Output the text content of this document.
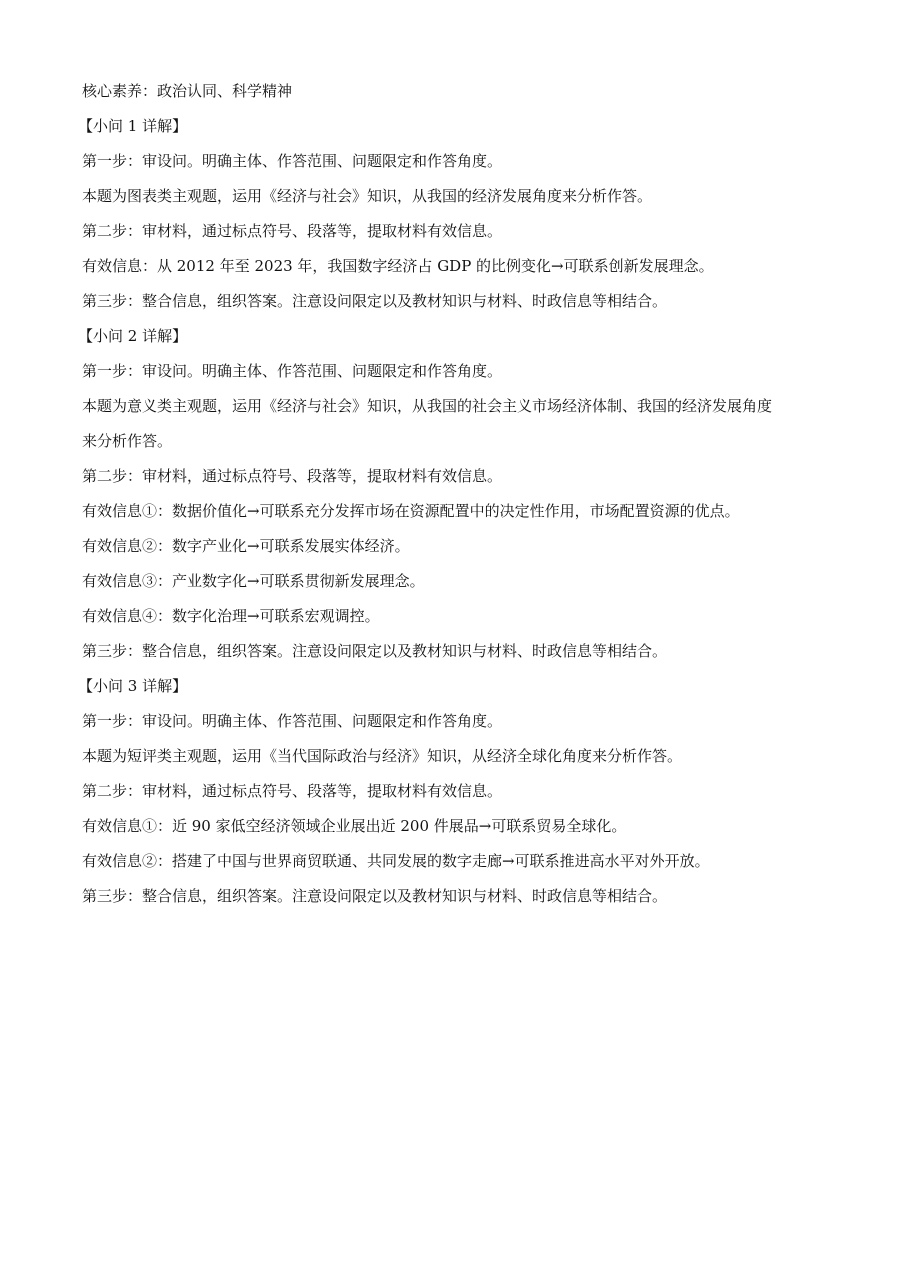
核心素养：政治认同、科学精神

【小问 1 详解】

第一步：审设问。明确主体、作答范围、问题限定和作答角度。

本题为图表类主观题，运用《经济与社会》知识，从我国的经济发展角度来分析作答。

第二步：审材料，通过标点符号、段落等，提取材料有效信息。

有效信息：从 2012 年至 2023 年，我国数字经济占 GDP 的比例变化→可联系创新发展理念。

第三步：整合信息，组织答案。注意设问限定以及教材知识与材料、时政信息等相结合。

【小问 2 详解】

第一步：审设问。明确主体、作答范围、问题限定和作答角度。

本题为意义类主观题，运用《经济与社会》知识，从我国的社会主义市场经济体制、我国的经济发展角度

来分析作答。

第二步：审材料，通过标点符号、段落等，提取材料有效信息。

有效信息①：数据价值化→可联系充分发挥市场在资源配置中的决定性作用，市场配置资源的优点。

有效信息②：数字产业化→可联系发展实体经济。

有效信息③：产业数字化→可联系贯彻新发展理念。

有效信息④：数字化治理→可联系宏观调控。

第三步：整合信息，组织答案。注意设问限定以及教材知识与材料、时政信息等相结合。

【小问 3 详解】

第一步：审设问。明确主体、作答范围、问题限定和作答角度。

本题为短评类主观题，运用《当代国际政治与经济》知识，从经济全球化角度来分析作答。

第二步：审材料，通过标点符号、段落等，提取材料有效信息。

有效信息①：近 90 家低空经济领域企业展出近 200 件展品→可联系贸易全球化。

有效信息②：搭建了中国与世界商贸联通、共同发展的数字走廊→可联系推进高水平对外开放。

第三步：整合信息，组织答案。注意设问限定以及教材知识与材料、时政信息等相结合。
